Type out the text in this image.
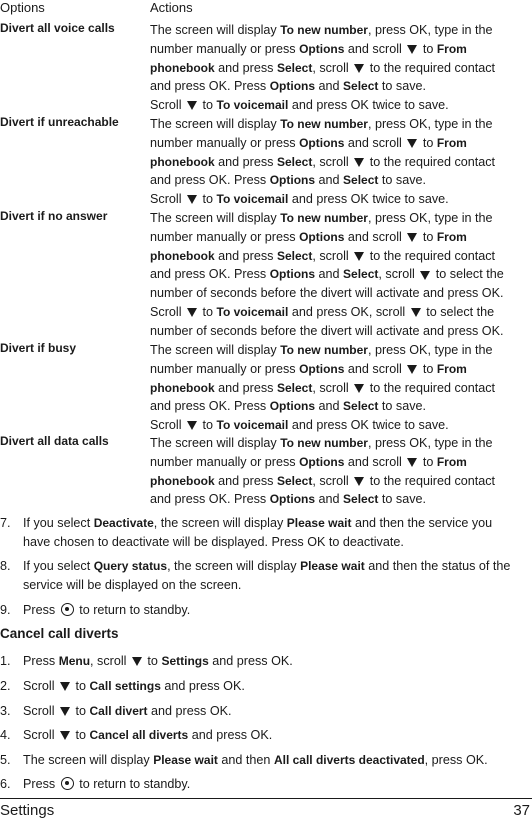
Options	Actions
Divert all voice calls	The screen will display To new number, press OK, type in the
number manually or press Options and scroll  to From
phonebook and press Select, scroll  to the required contact
and press OK. Press Options and Select to save.
Scroll  to To voicemail and press OK twice to save.
Divert if unreachable	The screen will display To new number, press OK, type in the
number manually or press Options and scroll  to From
phonebook and press Select, scroll  to the required contact
and press OK. Press Options and Select to save.
Scroll  to To voicemail and press OK twice to save.
Divert if no answer	The screen will display To new number, press OK, type in the
number manually or press Options and scroll  to From
phonebook and press Select, scroll  to the required contact
and press OK. Press Options and Select, scroll  to select the
number of seconds before the divert will activate and press OK.
Scroll  to To voicemail and press OK, scroll  to select the
number of seconds before the divert will activate and press OK.
Divert if busy	The screen will display To new number, press OK, type in the
number manually or press Options and scroll  to From
phonebook and press Select, scroll  to the required contact
and press OK. Press Options and Select to save.
Scroll  to To voicemail and press OK twice to save.
Divert all data calls	The screen will display To new number, press OK, type in the
number manually or press Options and scroll  to From
phonebook and press Select, scroll  to the required contact
and press OK. Press Options and Select to save.
7. If you select Deactivate, the screen will display Please wait and then the service you
have chosen to deactivate will be displayed. Press OK to deactivate.
8. If you select Query status, the screen will display Please wait and then the status of the
service will be displayed on the screen.
9. Press  to return to standby.
Cancel call diverts
1. Press Menu, scroll  to Settings and press OK.
2. Scroll  to Call settings and press OK.
3. Scroll  to Call divert and press OK.
4. Scroll  to Cancel all diverts and press OK.
5. The screen will display Please wait and then All call diverts deactivated, press OK.
6. Press  to return to standby.
Settings	37
